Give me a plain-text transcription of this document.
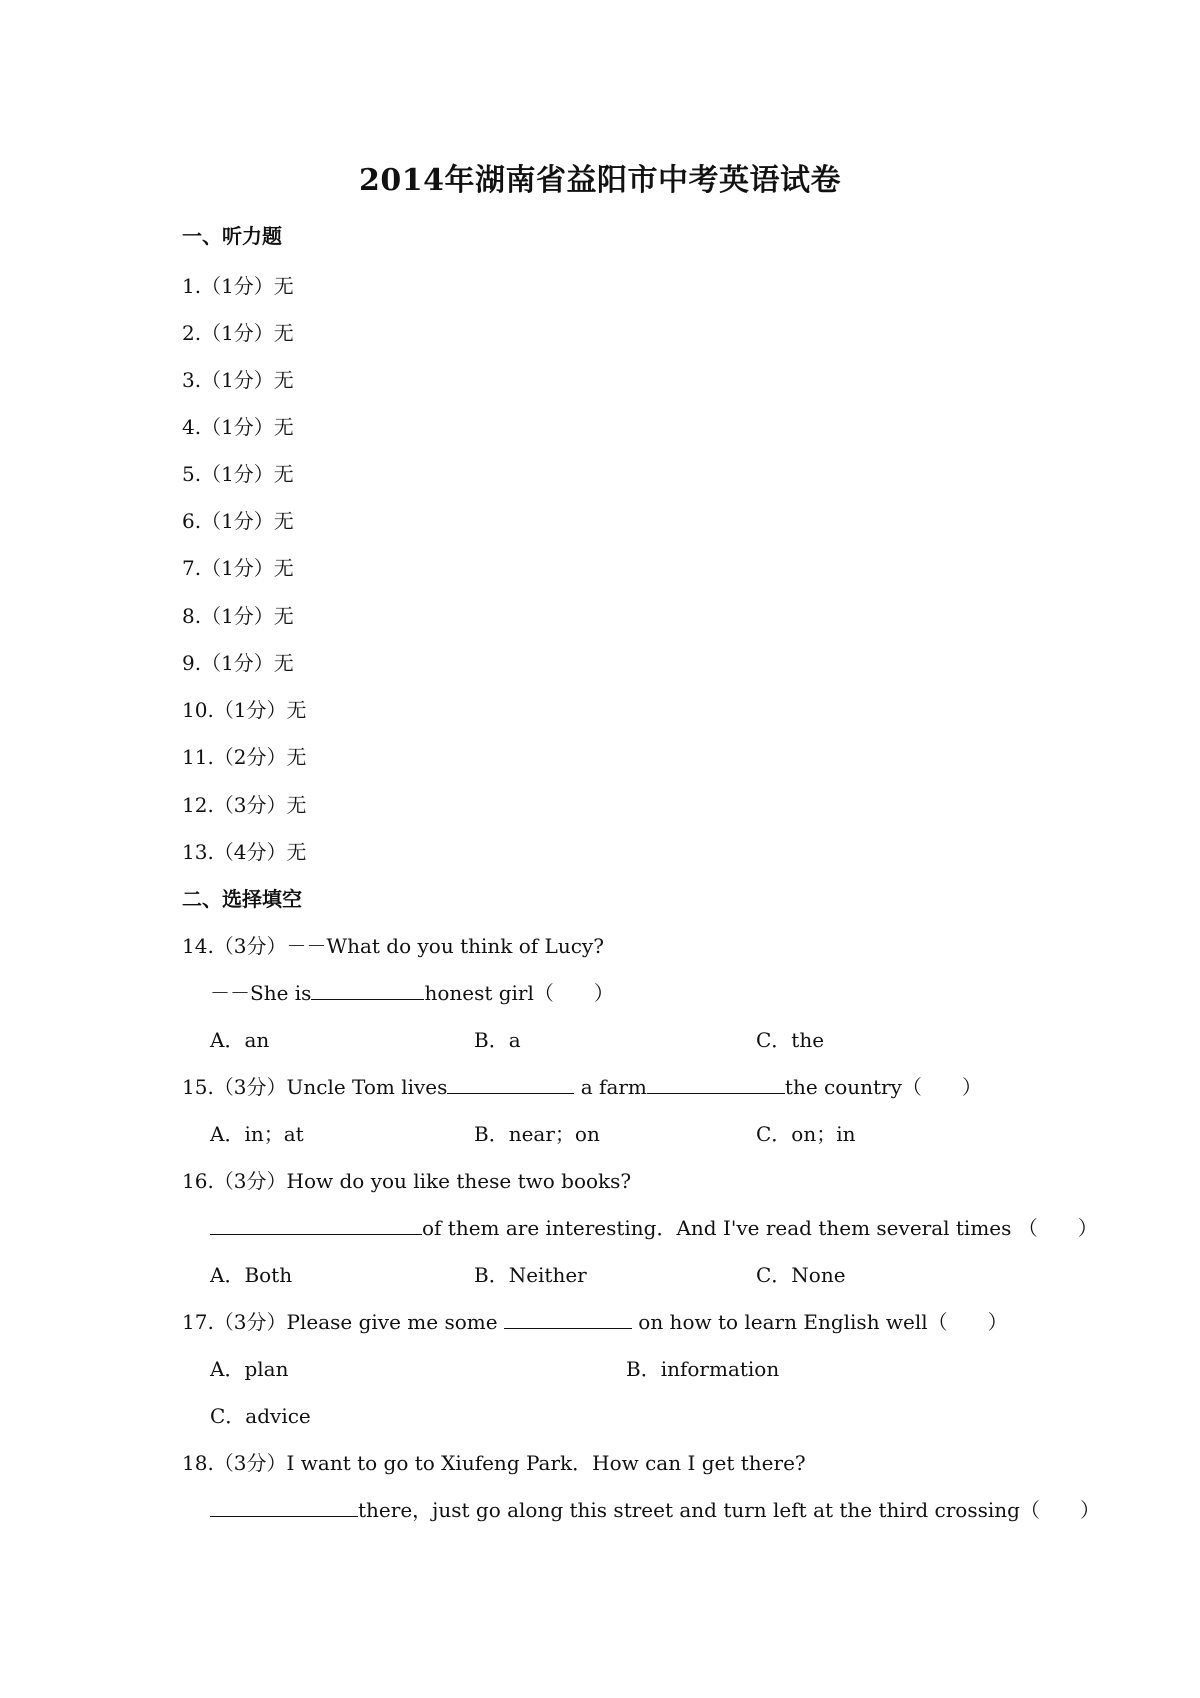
2014年湖南省益阳市中考英语试卷
一、听力题
1.（1分）无
2.（1分）无
3.（1分）无
4.（1分）无
5.（1分）无
6.（1分）无
7.（1分）无
8.（1分）无
9.（1分）无
10.（1分）无
11.（2分）无
12.（3分）无
13.（4分）无
二、选择填空
14.（3分）－－What do you think of Lucy?
－－She is	honest girl（　　）
A．an	B．a	C．the
15.（3分）Uncle Tom lives	a farm	the country（　　）
A．in；at	B．near；on	C．on；in
16.（3分）How do you like these two books?
of them are interesting．And I've read them several times （　　）
A．Both	B．Neither	C．None
17.（3分）Please give me some	on how to learn English well（　　）
A．plan	B．information
C．advice
18.（3分）I want to go to Xiufeng Park．How can I get there?
there，just go along this street and turn left at the third crossing（　　）
